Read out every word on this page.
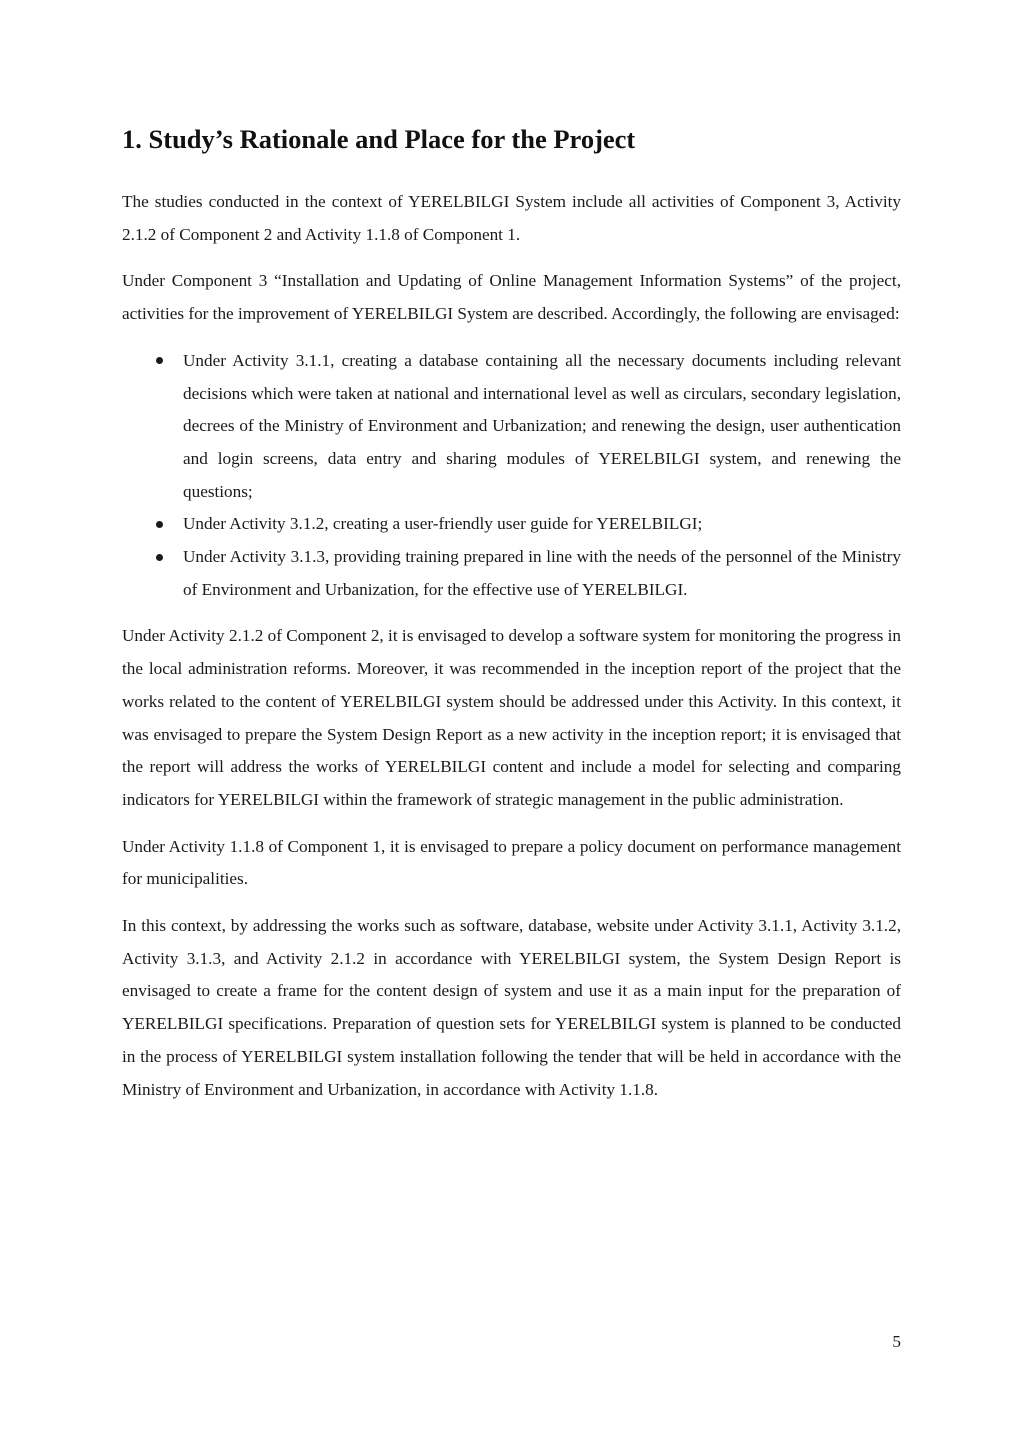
1. Study’s Rationale and Place for the Project

The studies conducted in the context of YERELBILGI System include all activities of Component 3, Activity 2.1.2 of Component 2 and Activity 1.1.8 of Component 1.

Under Component 3 “Installation and Updating of Online Management Information Systems” of the project, activities for the improvement of YERELBILGI System are described. Accordingly, the following are envisaged:

Under Activity 3.1.1, creating a database containing all the necessary documents including relevant decisions which were taken at national and international level as well as circulars, secondary legislation, decrees of the Ministry of Environment and Urbanization; and renewing the design, user authentication and login screens, data entry and sharing modules of YERELBILGI system, and renewing the questions;
Under Activity 3.1.2, creating a user-friendly user guide for YERELBILGI;
Under Activity 3.1.3, providing training prepared in line with the needs of the personnel of the Ministry of Environment and Urbanization, for the effective use of YERELBILGI.

Under Activity 2.1.2 of Component 2, it is envisaged to develop a software system for monitoring the progress in the local administration reforms. Moreover, it was recommended in the inception report of the project that the works related to the content of YERELBILGI system should be addressed under this Activity. In this context, it was envisaged to prepare the System Design Report as a new activity in the inception report; it is envisaged that the report will address the works of YERELBILGI content and include a model for selecting and comparing indicators for YERELBILGI within the framework of strategic management in the public administration.

Under Activity 1.1.8 of Component 1, it is envisaged to prepare a policy document on performance management for municipalities.

In this context, by addressing the works such as software, database, website under Activity 3.1.1, Activity 3.1.2, Activity 3.1.3, and Activity 2.1.2 in accordance with YERELBILGI system, the System Design Report is envisaged to create a frame for the content design of system and use it as a main input for the preparation of YERELBILGI specifications. Preparation of question sets for YERELBILGI system is planned to be conducted in the process of YERELBILGI system installation following the tender that will be held in accordance with the Ministry of Environment and Urbanization, in accordance with Activity 1.1.8.

5
